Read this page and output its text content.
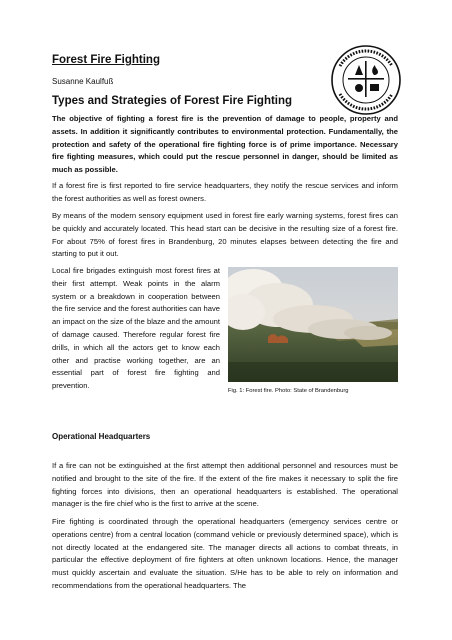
Forest Fire Fighting

Susanne Kaulfuß

Types and Strategies of Forest Fire Fighting

The objective of fighting a forest fire is the prevention of damage to people, property and assets. In addition it significantly contributes to environmental protection. Fundamentally, the protection and safety of the operational fire fighting force is of prime importance. Necessary fire fighting measures, which could put the rescue personnel in danger, should be limited as much as possible.

If a forest fire is first reported to fire service headquarters, they notify the rescue services and inform the forest authorities as well as forest owners.

By means of the modern sensory equipment used in forest fire early warning systems, forest fires can be quickly and accurately located. This head start can be decisive in the resulting size of a forest fire. For about 75% of forest fires in Brandenburg, 20 minutes elapses between detecting the fire and starting to put it out.

Local fire brigades extinguish most forest fires at their first attempt. Weak points in the alarm system or a breakdown in cooperation between the fire service and the forest authorities can have an impact on the size of the blaze and the amount of damage caused. Therefore regular forest fire drills, in which all the actors get to know each other and practise working together, are an essential part of forest fire fighting and prevention.

Fig. 1: Forest fire. Photo: State of Brandenburg

Operational Headquarters

If a fire can not be extinguished at the first attempt then additional personnel and resources must be notified and brought to the site of the fire. If the extent of the fire makes it necessary to split the fire fighting forces into divisions, then an operational headquarters is established. The operational manager is the fire chief who is the first to arrive at the scene.

Fire fighting is coordinated through the operational headquarters (emergency services centre or operations centre) from a central location (command vehicle or previously determined space), which is not directly located at the endangered site. The manager directs all actions to combat threats, in particular the effective deployment of fire fighters at often unknown locations. Hence, the manager must quickly ascertain and evaluate the situation. S/He has to be able to rely on information and recommendations from the operational headquarters. The
